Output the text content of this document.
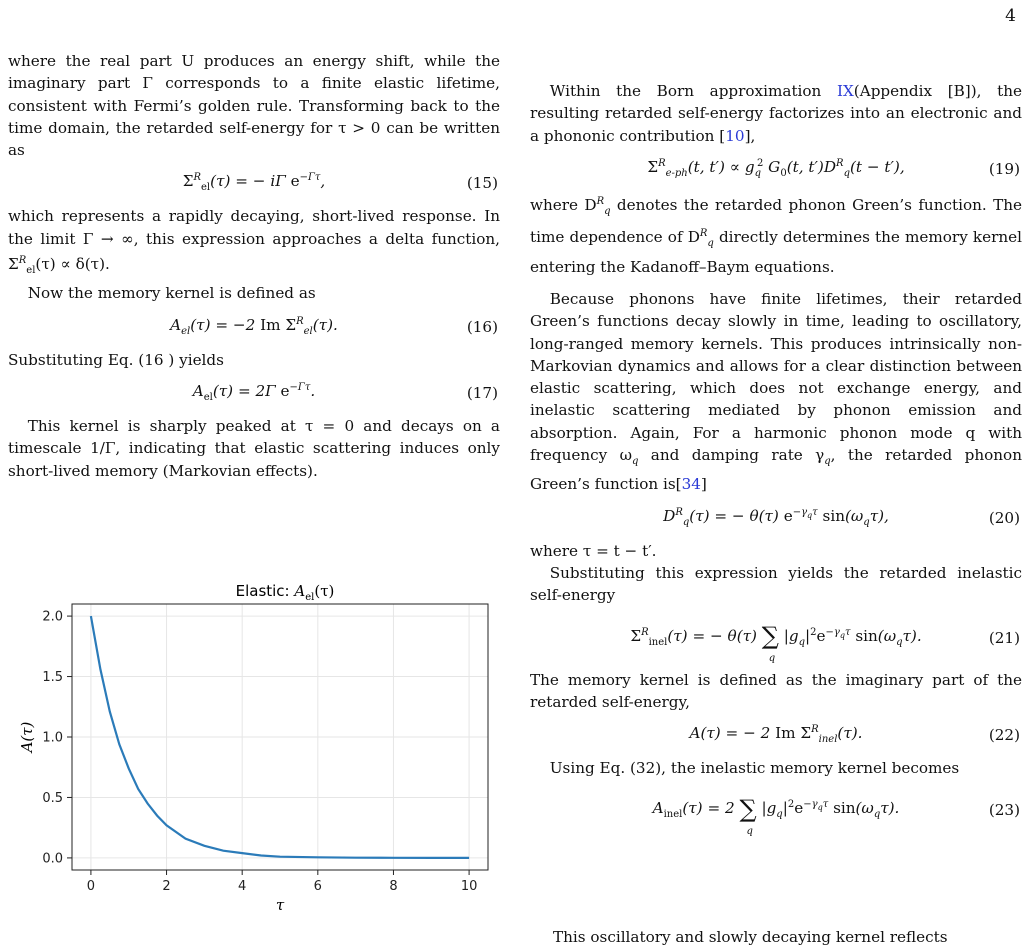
4

where the real part U produces an energy shift, while the imaginary part Γ corresponds to a finite elastic lifetime, consistent with Fermi’s golden rule. Transforming back to the time domain, the retarded self-energy for τ > 0 can be written as

$\Sigma^R_{el}(\tau)$ = − iΓ $e^{-\Gamma\tau}$,	(15)

which represents a rapidly decaying, short-lived response. In the limit Γ → ∞, this expression approaches a delta function, $\Sigma^R_{el}(\tau) \propto \delta(\tau)$.

Now the memory kernel is defined as

$A_{el}(\tau) = -2$ Im $\Sigma^R_{el}(\tau)$.	(16)

Substituting Eq. (16 ) yields

$A_{el}(\tau) = 2\Gamma$ $e^{-\Gamma\tau}$.	(17)

This kernel is sharply peaked at τ = 0 and decays on a timescale 1/Γ, indicating that elastic scattering induces only short-lived memory (Markovian effects).

Elastic: $A_{el}(\tau)$
0	2	4	6	8	10
0.0
0.5
1.0
1.5
2.0
τ
A(τ)

Within the Born approximation IX(Appendix [B]), the resulting retarded self-energy factorizes into an electronic and a phononic contribution [10],

$\Sigma^R_{e-ph}(t$, $t') \propto g_q^2$ $G_0(t$, $t')D^R_q(t - t')$,	(19)

where $D^R_q$ denotes the retarded phonon Green’s function. The time dependence of $D^R_q$ directly determines the memory kernel entering the Kadanoff–Baym equations.

Because phonons have finite lifetimes, their retarded Green’s functions decay slowly in time, leading to oscillatory, long-ranged memory kernels. This produces intrinsically non-Markovian dynamics and allows for a clear distinction between elastic scattering, which does not exchange energy, and inelastic scattering mediated by phonon emission and absorption. Again, For a harmonic phonon mode q with frequency $\omega_q$ and damping rate $\gamma_q$, the retarded phonon Green’s function is[34]

$D^R_q(\tau)$ = − θ(τ) $e^{-\gamma_q\tau}$ $\sin(\omega_q\tau)$,	(20)

where τ = t − t′.

Substituting this expression yields the retarded inelastic self-energy

$\Sigma^R_{inel}(\tau)$ = − θ(τ) ∑
q
$|g_q|^2e^{-\gamma_q\tau}$ $\sin(\omega_q\tau)$.	(21)

The memory kernel is defined as the imaginary part of the retarded self-energy,

A(τ) = − 2 Im $\Sigma^R_{inel}(\tau)$.	(22)

Using Eq. (32), the inelastic memory kernel becomes

$A_{inel}(\tau) = 2$ ∑
q
$|g_q|^2e^{-\gamma_q\tau}$ $\sin(\omega_q\tau)$.	(23)
This oscillatory and slowly decaying kernel reflects
